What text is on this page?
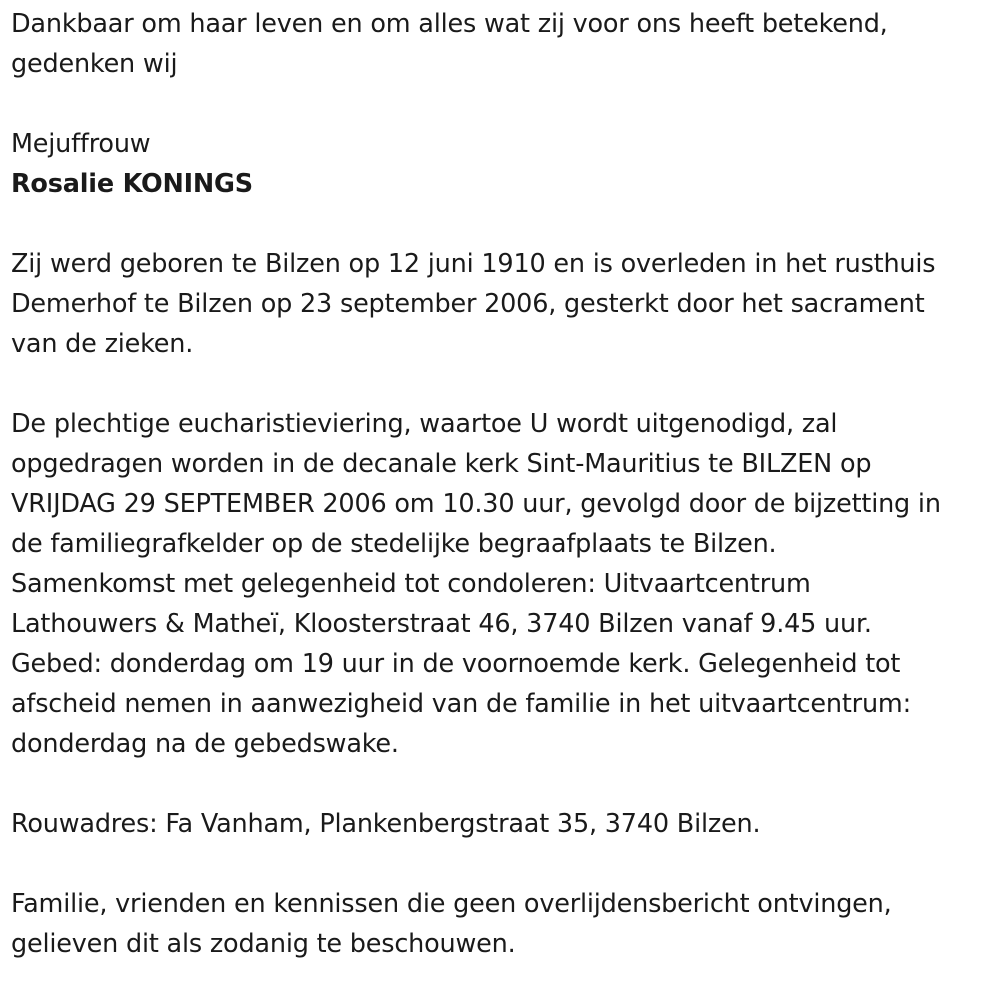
Dankbaar om haar leven en om alles wat zij voor ons heeft betekend,
gedenken wij
Mejuffrouw
Rosalie KONINGS
Zij werd geboren te Bilzen op 12 juni 1910 en is overleden in het rusthuis
Demerhof te Bilzen op 23 september 2006, gesterkt door het sacrament
van de zieken.
De plechtige eucharistieviering, waartoe U wordt uitgenodigd, zal
opgedragen worden in de decanale kerk Sint-Mauritius te BILZEN op
VRIJDAG 29 SEPTEMBER 2006 om 10.30 uur, gevolgd door de bijzetting in
de familiegrafkelder op de stedelijke begraafplaats te Bilzen.
Samenkomst met gelegenheid tot condoleren: Uitvaartcentrum
Lathouwers & Matheï, Kloosterstraat 46, 3740 Bilzen vanaf 9.45 uur.
Gebed: donderdag om 19 uur in de voornoemde kerk. Gelegenheid tot
afscheid nemen in aanwezigheid van de familie in het uitvaartcentrum:
donderdag na de gebedswake.
Rouwadres: Fa Vanham, Plankenbergstraat 35, 3740 Bilzen.
Familie, vrienden en kennissen die geen overlijdensbericht ontvingen,
gelieven dit als zodanig te beschouwen.
